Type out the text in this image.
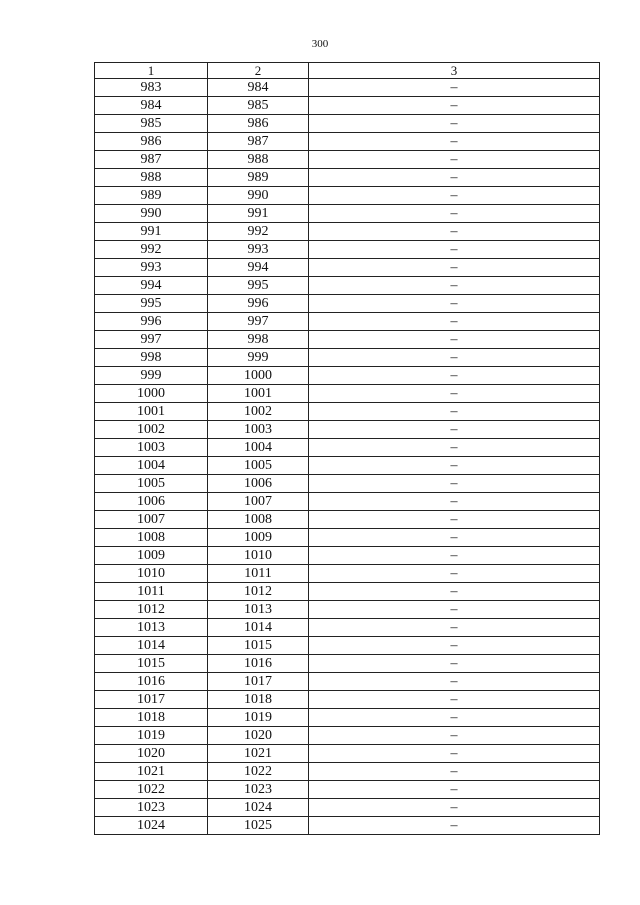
300
1	2	3
983	984	–
984	985	–
985	986	–
986	987	–
987	988	–
988	989	–
989	990	–
990	991	–
991	992	–
992	993	–
993	994	–
994	995	–
995	996	–
996	997	–
997	998	–
998	999	–
999	1000	–
1000	1001	–
1001	1002	–
1002	1003	–
1003	1004	–
1004	1005	–
1005	1006	–
1006	1007	–
1007	1008	–
1008	1009	–
1009	1010	–
1010	1011	–
1011	1012	–
1012	1013	–
1013	1014	–
1014	1015	–
1015	1016	–
1016	1017	–
1017	1018	–
1018	1019	–
1019	1020	–
1020	1021	–
1021	1022	–
1022	1023	–
1023	1024	–
1024	1025	–
